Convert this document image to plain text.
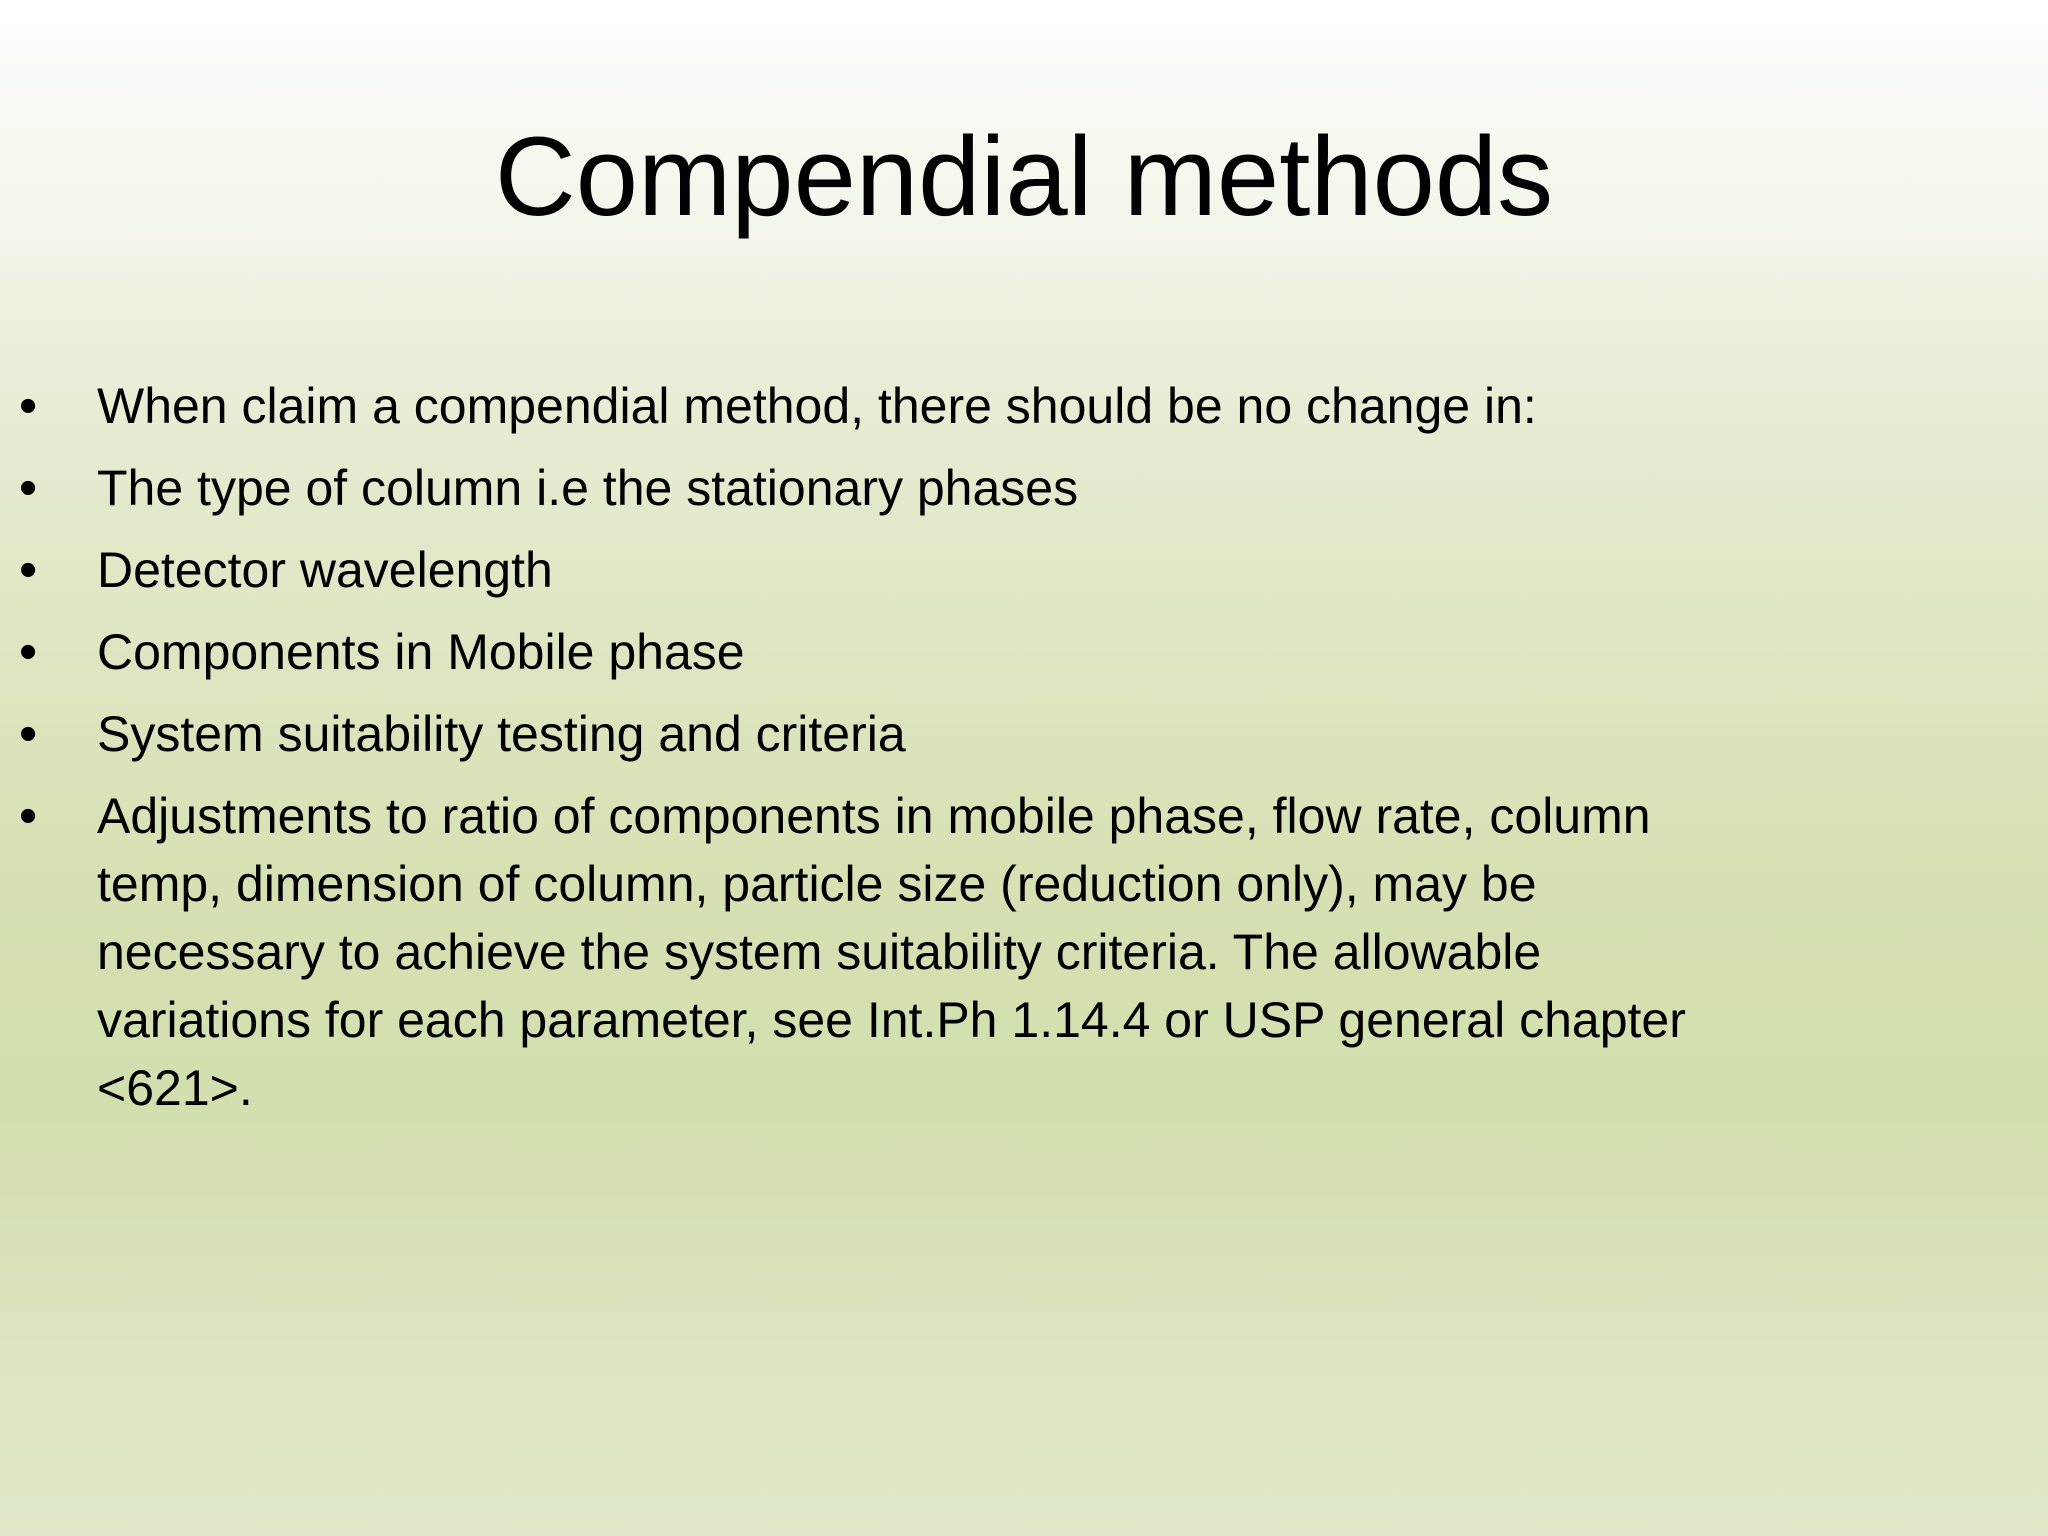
Compendial methods
• When claim a compendial method, there should be no change in:
• The type of column i.e the stationary phases
• Detector wavelength
• Components in Mobile phase
• System suitability testing and criteria
• Adjustments to ratio of components in mobile phase, flow rate, column
temp, dimension of column, particle size (reduction only), may be
necessary to achieve the system suitability criteria. The allowable
variations for each parameter, see Int.Ph 1.14.4 or USP general chapter
<621>.
